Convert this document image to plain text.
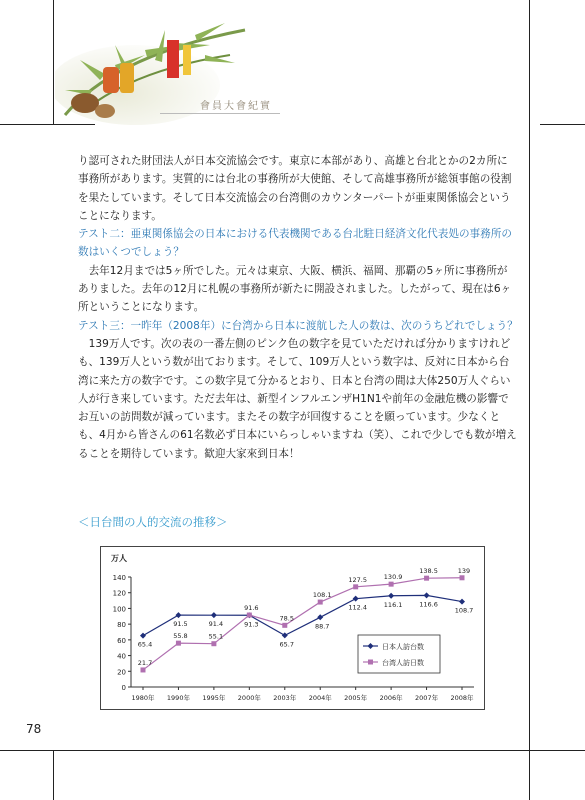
會員大會紀實

り認可された財団法人が日本交流協会です。東京に本部があり、高雄と台北とかの2カ所に事務所があります。実質的には台北の事務所が大使館、そして高雄事務所が総領事館の役割を果たしています。そして日本交流協会の台湾側のカウンターパートが亜東関係協会ということになります。

テスト二：亜東関係協会の日本における代表機関である台北駐日経済文化代表処の事務所の数はいくつでしょう？

去年12月までは5ヶ所でした。元々は東京、大阪、横浜、福岡、那覇の5ヶ所に事務所がありました。去年の12月に札幌の事務所が新たに開設されました。したがって、現在は6ヶ所ということになります。

テスト三：一昨年（2008年）に台湾から日本に渡航した人の数は、次のうちどれでしょう？

139万人です。次の表の一番左側のピンク色の数字を見ていただければ分かりますけれども、139万人という数が出ております。そして、109万人という数字は、反対に日本から台湾に来た方の数字です。この数字見て分かるとおり、日本と台湾の間は大体250万人ぐらい人が行き来しています。ただ去年は、新型インフルエンザH1N1や前年の金融危機の影響でお互いの訪問数が減っています。またその数字が回復することを願っています。少なくとも、4月から皆さんの61名数必ず日本にいらっしゃいますね（笑）、これで少しでも数が増えることを期待しています。歓迎大家來到日本！

＜日台間の人的交流の推移＞
万人
0
20
40
60
80
100
120
140
1980年 1990年 1995年 2000年 2003年 2004年 2005年 2006年 2007年 2008年
65.4
91.5	91.4	91.3
65.7
88.7
112.4	116.1	116.6
108.7
21.7
55.8	55.1
91.6
78.5
108.1
127.5	130.9
138.5	139
日本人訪台数
台湾人訪日数
78
